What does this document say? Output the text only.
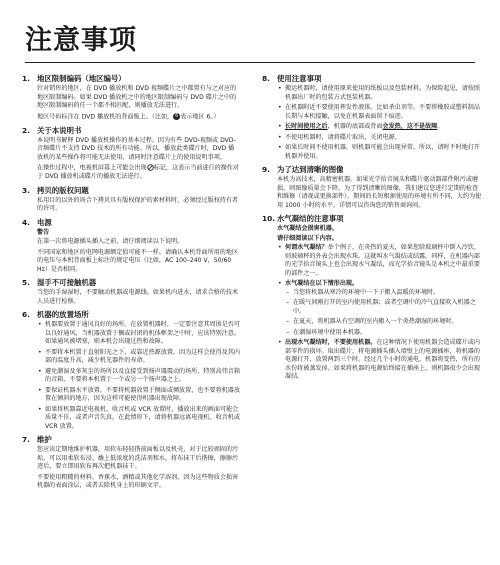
注意事项
1. 地区限制编码（地区编号）

针对销售的地区，在 DVD 播放机和 DVD 视频碟片之中都置有与之对应的地区限制编码。如果 DVD 播放机之中的地区限制编码与 DVD 碟片之中的地区限制编码的任一个都不相匹配，则播放无法进行。

地区号码标注在 DVD 播放机的背面板上。（比如， 6 表示地区 6。）

2. 关于本说明书

本说明书解释 DVD 播放机操作的基本过程。因为有些 DVD-视频或 DVD-音频碟片不支持 DVD 技术的所有功能。所以，播放此类碟片时，DVD 播放机的某些操作将可能无法使用，请同时注意碟片上的使用说明事项。

在操作过程中，电视机屏幕上可能会出现 标记，这表示当前进行的操作对于 DVD 播放机或碟片的播放无法进行。

3. 拷贝的版权问题

私用目的以外的场合下拷贝具有版权保护的素材料时，必须经过版权持有者的许可。

4. 电源
警告

在第一次将电源插头插入之前，请仔细阅读以下说明。

不同国家和地区的电网电源额定值可能不一样。请确认本机背面所用的地区的电压与本机背面板上标注的规定电压（比如，AC 100–240 V，50/60 Hz）是否相同。

5. 湿手不可接触机器

当您的手湿湿时，不要触动机器或电源线。如果机内进水，请求合格的技术人员进行检修。

6. 机器的放置场所
• 机器要放置于通风良好的场所。在放置机器时，一定要注意其周围是否可以良好通风，当机器放置于搁或封闭的机体框架之中时，应该特别注意。如果通风被堵塞，则本机会出现过热和故障。
• 不要将本机置于直射阳光之下，或靠近热源放置，因为这样会使得及其内部的温度升高，减少机光器件的寿命。
• 避免潮湿及多灰尘的场所以及直接受到扬声器震动的场所，特别高伟音箱的音箱，不要将本机置于一个或另一个扬声器之上。
• 要保证机器水平放置。不要将机器放置于侧面或倾放置，也不要将机器放置在倾斜的地方，因为这样可能使得机器出现故障。
• 如果将机器靠近电视机、收音机或 VCR 放置时，播放出来的画面可能会质量不佳，或者声音失真。在此情形下，请将机器远离电视机、收音机或 VCR 放置。
7. 维护

您应该定期地维护机器，用软布轻轻揩前面板以及机壳，对于比较顽固的污垢，可以用柔软布浸、蘸上低浓度的洗洁剂和水，将布抹干后揩擦，擦擦污迹后，要立即用软布再次把机器抹干。

不要使用粗糙的材料、香蕉水、酒精或其他化学溶剂，因为这些物质会损害机器的表面涂层，或者去除机身上的印刷文字。

8. 使用注意事项
• 搬运机器时，请使用原来使用的纸板以及包装材料。为保险起见，请按照机器出厂时的包装方式包装机器。
• 在机器附近不要使用挥发性液体，比如杀虫剂等。不要将橡胶或塑料制品长期与本机接触，以免在机器表面留下痕迹。
• 长时间使用之后，机器的底部或背面会发热，这不是故障。
• 不使用机器时，请将碟片取出，关闭电源。
• 如果长时间不使用机器，则机器可能会出现异常，所以，请时不时地打开机器并使用。
9. 为了达到清晰的图像

本机为高技术，高精密机器。如果光学拾音镜头和碟片驱动器部件附污或磨损，则图像质量会下降。为了得到清晰的图像，我们建议您进行定期的检查和维修（请视或更换部件）。期间的长短根据使用的环境有所不同，大约为使用 1000 小时的水平。详情可以咨询您的销售商询问。

10. 水气凝结的注意事项
水气凝结会损害机器。
请仔细阅读以下内容。
• 何谓水气凝结？举个例子，在炎热的夏天，如果您给玻璃杯中倒入冷饮，则玻璃杯的外表会出现水珠。这就叫水气凝结或结露。同样，在机器内部的光学拾音镜头上也会出现水气凝结，而光学拾音镜头是本机之中最重要的部件之一。
• 水气凝结在以下情形出现。
– 当您将机器从寒冷的环境中一下子搬入温暖的环境时。
– 在暖气间刚打开的室内使用机器；或者空调中的冷气直接吹入机器之中。
– 在夏天，将机器从有空调的室内搬入一个炎热潮湿的环境时。
– 在潮湿环境中使用本机器。
• 出现水气凝结时，不要使用机器。在这种情况下使用机器会造成碟片或内部零件的损坏。取出碟片，将电源插头插入墙壁上的电源插座，将机器的电源打开，放置两到三个时。经过几个小时的通电，机器将变热，所有的水份将被蒸发掉。如果将机器的电源始终接在插座上，则机器很少会出现凝结。
